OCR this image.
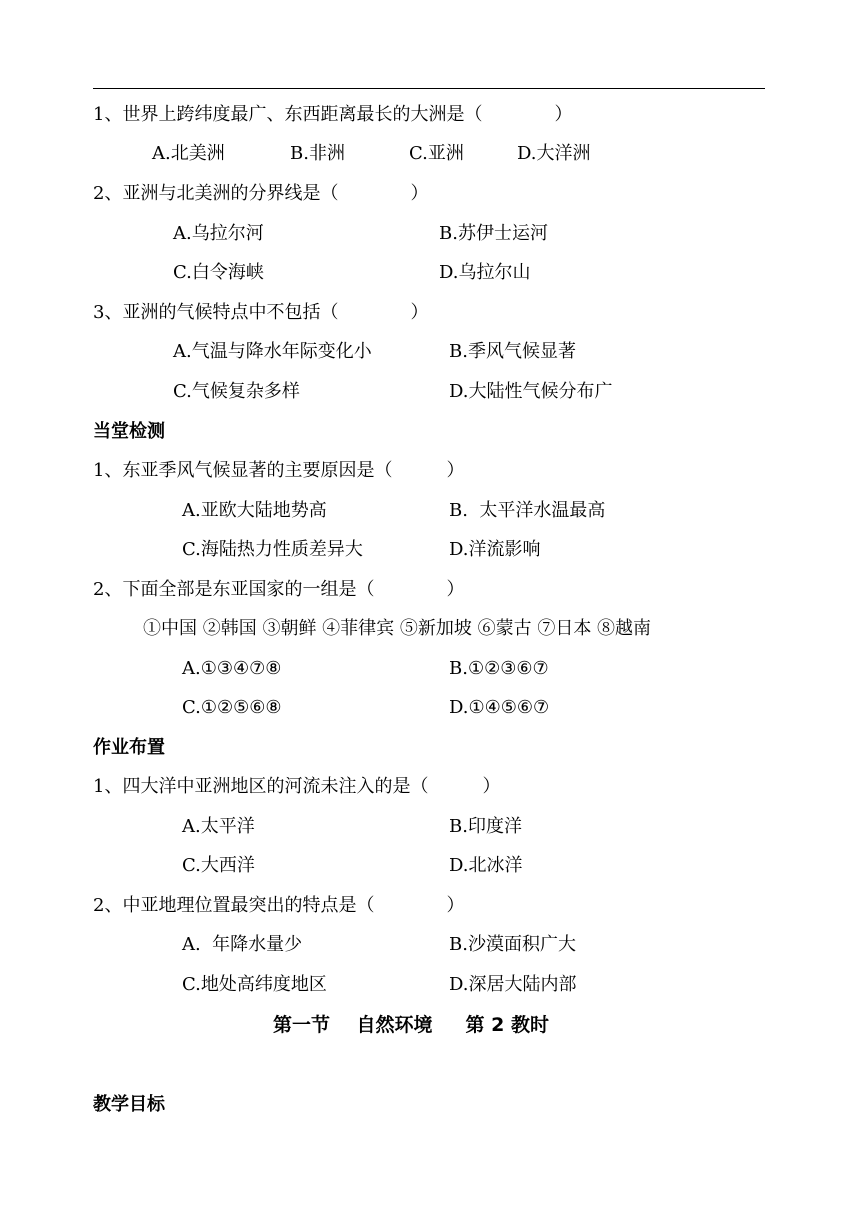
1、世界上跨纬度最广、东西距离最长的大洲是（　　　　）
A.北美洲	B.非洲	C.亚洲	D.大洋洲
2、亚洲与北美洲的分界线是（　　　　）
A.乌拉尔河	B.苏伊士运河
C.白令海峡	D.乌拉尔山
3、亚洲的气候特点中不包括（　　　　）
A.气温与降水年际变化小	B.季风气候显著
C.气候复杂多样	D.大陆性气候分布广
当堂检测
1、东亚季风气候显著的主要原因是（　　　）
A.亚欧大陆地势高	B.  太平洋水温最高
C.海陆热力性质差异大	D.洋流影响
2、下面全部是东亚国家的一组是（　　　　）
①中国 ②韩国 ③朝鲜 ④菲律宾 ⑤新加坡 ⑥蒙古 ⑦日本 ⑧越南
A.①③④⑦⑧	B.①②③⑥⑦
C.①②⑤⑥⑧	D.①④⑤⑥⑦
作业布置
1、四大洋中亚洲地区的河流未注入的是（　　　）
A.太平洋	B.印度洋
C.大西洋	D.北冰洋
2、中亚地理位置最突出的特点是（　　　　）
A.  年降水量少	B.沙漠面积广大
C.地处高纬度地区	D.深居大陆内部
第一节    自然环境     第 2 教时
教学目标
